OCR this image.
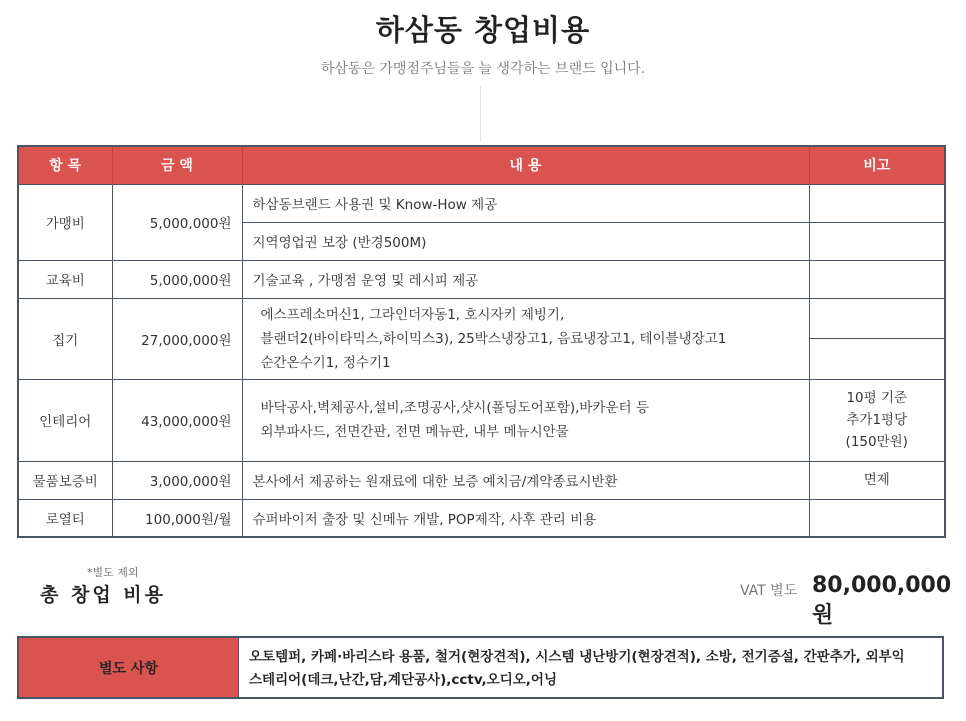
하삼동 창업비용
하삼동은 가맹점주님들을 늘 생각하는 브랜드 입니다.
항 목	금 액	내 용	비고
가맹비	5,000,000원	하삼동브랜드 사용권 및 Know-How 제공	
		지역영업권 보장 (반경500M)	
교육비	5,000,000원	기술교육 , 가맹점 운영 및 레시피 제공	
집기	27,000,000원	에스프레소머신1, 그라인더자동1, 호시자키 제빙기,
블랜더2(바이타믹스,하이믹스3), 25박스냉장고1, 음료냉장고1, 테이블냉장고1
순간온수기1, 정수기1	

인테리어	43,000,000원	바닥공사,벽체공사,설비,조명공사,샷시(폴딩도어포함),바카운터 등
외부파사드, 전면간판, 전면 메뉴판, 내부 메뉴시안물	10평 기준
추가1평당
(150만원)

물품보증비	3,000,000원	본사에서 제공하는 원재료에 대한 보증 예치금/계약종료시반환	면제
로열티	100,000원/월	슈퍼바이저 출장 및 신메뉴 개발, POP제작, 사후 관리 비용	
*별도 제외
총 창업 비용	VAT 별도 80,000,000원
별도 사항
오토템퍼, 카페·바리스타 용품, 철거(현장견적), 시스템 냉난방기(현장견적), 소방, 전기증설, 간판추가, 외부익
스테리어(데크,난간,담,계단공사),cctv,오디오,어닝
